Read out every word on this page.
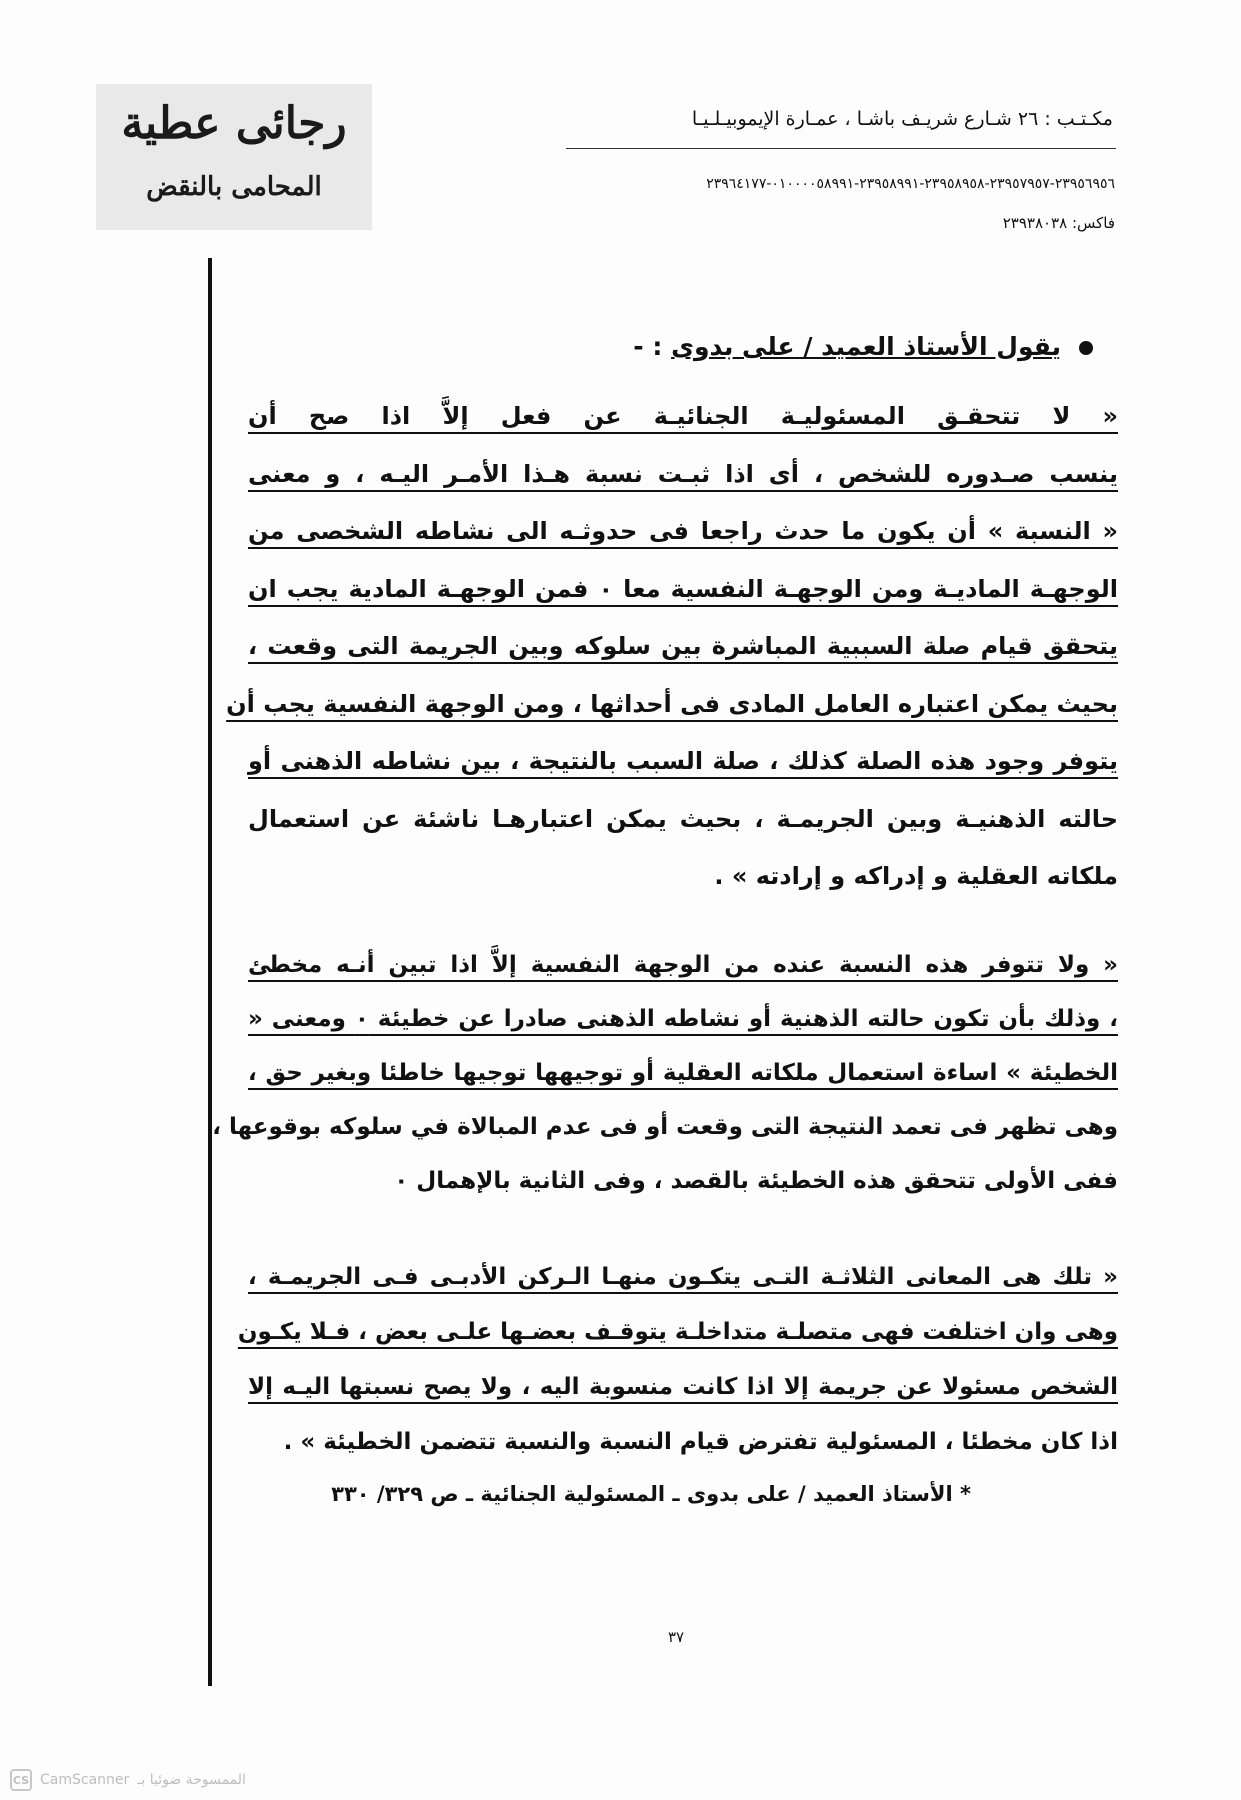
رجائى عطية
المحامى بالنقض
مكـتـب : ٢٦ شـارع شريـف باشـا ، عمـارة الإيموبيـلـيـا
٢٣٩٥٦٩٥٦-٢٣٩٥٧٩٥٧-٢٣٩٥٨٩٥٨-٢٣٩٥٨٩٩١-٠١٠٠٠٠٥٨٩٩١-٢٣٩٦٤١٧٧
فاكس: ٢٣٩٣٨٠٣٨
يقول الأستاذ العميد / على بدوى : -
« لا تتحقـق المسئوليـة الجنائيـة عن فعل إلاَّ اذا صح أن
ينسب صـدوره للشخص ، أى اذا ثبـت نسبة هـذا الأمـر اليـه ، و معنى
« النسبة » أن يكون ما حدث راجعا فى حدوثـه الى نشاطه الشخصى من
الوجهـة الماديـة ومن الوجهـة النفسية معا ٠ فمن الوجهـة المادية يجب ان
يتحقق قيام صلة السببية المباشرة بين سلوكه وبين الجريمة التى وقعت ،
بحيث يمكن اعتباره العامل المادى فى أحداثها ، ومن الوجهة النفسية يجب أن
يتوفر وجود هذه الصلة كذلك ، صلة السبب بالنتيجة ، بين نشاطه الذهنى أو
حالته الذهنيـة وبين الجريمـة ، بحيث يمكن اعتبارهـا ناشئة عن استعمال
ملكاته العقلية و إدراكه و إرادته » .
« ولا تتوفر هذه النسبة عنده من الوجهة النفسية إلاَّ اذا تبين أنـه مخطئ
، وذلك بأن تكون حالته الذهنية أو نشاطه الذهنى صادرا عن خطيئة ٠ ومعنى «
الخطيئة » اساءة استعمال ملكاته العقلية أو توجيهها توجيها خاطئا وبغير حق ،
وهى تظهر فى تعمد النتيجة التى وقعت أو فى عدم المبالاة في سلوكه بوقوعها ،
ففى الأولى تتحقق هذه الخطيئة بالقصد ، وفى الثانية بالإهمال ٠
« تلك هى المعانى الثلاثـة التـى يتكـون منهـا الـركن الأدبـى فـى الجريمـة ،
وهى وان اختلفت فهى متصلـة متداخلـة يتوقـف بعضـها علـى بعض ، فـلا يكـون
الشخص مسئولا عن جريمة إلا اذا كانت منسوبة اليه ، ولا يصح نسبتها اليـه إلا
اذا كان مخطئا ، المسئولية تفترض قيام النسبة والنسبة تتضمن الخطيئة » .
* الأستاذ العميد / على بدوى ـ المسئولية الجنائية ـ ص ٣٢٩/ ٣٣٠
٣٧
CS CamScanner الممسوحة ضوئيا بـ
